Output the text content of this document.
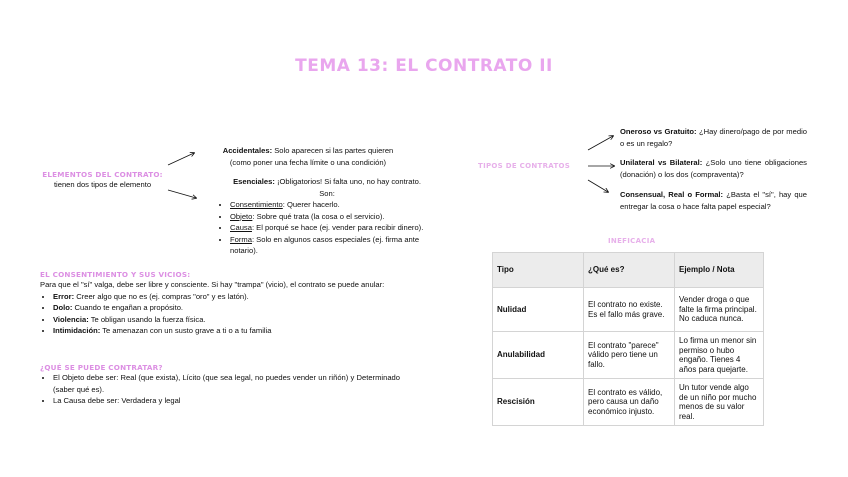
TEMA 13: EL CONTRATO II
ELEMENTOS DEL CONTRATO:
tienen dos tipos de elemento
Accidentales: Solo aparecen si las partes quieren
(como poner una fecha límite o una condición)
Esenciales: ¡Obligatorios! Si falta uno, no hay contrato.
Son:
• Consentimiento: Querer hacerlo.
• Objeto: Sobre qué trata (la cosa o el servicio).
• Causa: El porqué se hace (ej. vender para recibir dinero).
• Forma: Solo en algunos casos especiales (ej. firma ante notario).
EL CONSENTIMIENTO Y SUS VICIOS:
Para que el "sí" valga, debe ser libre y consciente. Si hay "trampa" (vicio), el contrato se puede anular:
• Error: Creer algo que no es (ej. compras "oro" y es latón).
• Dolo: Cuando te engañan a propósito.
• Violencia: Te obligan usando la fuerza física.
• Intimidación: Te amenazan con un susto grave a ti o a tu familia
¿QUÉ SE PUEDE CONTRATAR?
• El Objeto debe ser: Real (que exista), Lícito (que sea legal, no puedes vender un riñón) y Determinado (saber qué es).
• La Causa debe ser: Verdadera y legal
TIPOS DE CONTRATOS
Oneroso vs Gratuito: ¿Hay dinero/pago de por medio o es un regalo?
Unilateral vs Bilateral: ¿Solo uno tiene obligaciones (donación) o los dos (compraventa)?
Consensual, Real o Formal: ¿Basta el "sí", hay que entregar la cosa o hace falta papel especial?
INEFICACIA
Tipo	¿Qué es?	Ejemplo / Nota
Nulidad	El contrato no existe. Es el fallo más grave.	Vender droga o que falte la firma principal. No caduca nunca.
Anulabilidad	El contrato "parece" válido pero tiene un fallo.	Lo firma un menor sin permiso o hubo engaño. Tienes 4 años para quejarte.
Rescisión	El contrato es válido, pero causa un daño económico injusto.	Un tutor vende algo de un niño por mucho menos de su valor real.
